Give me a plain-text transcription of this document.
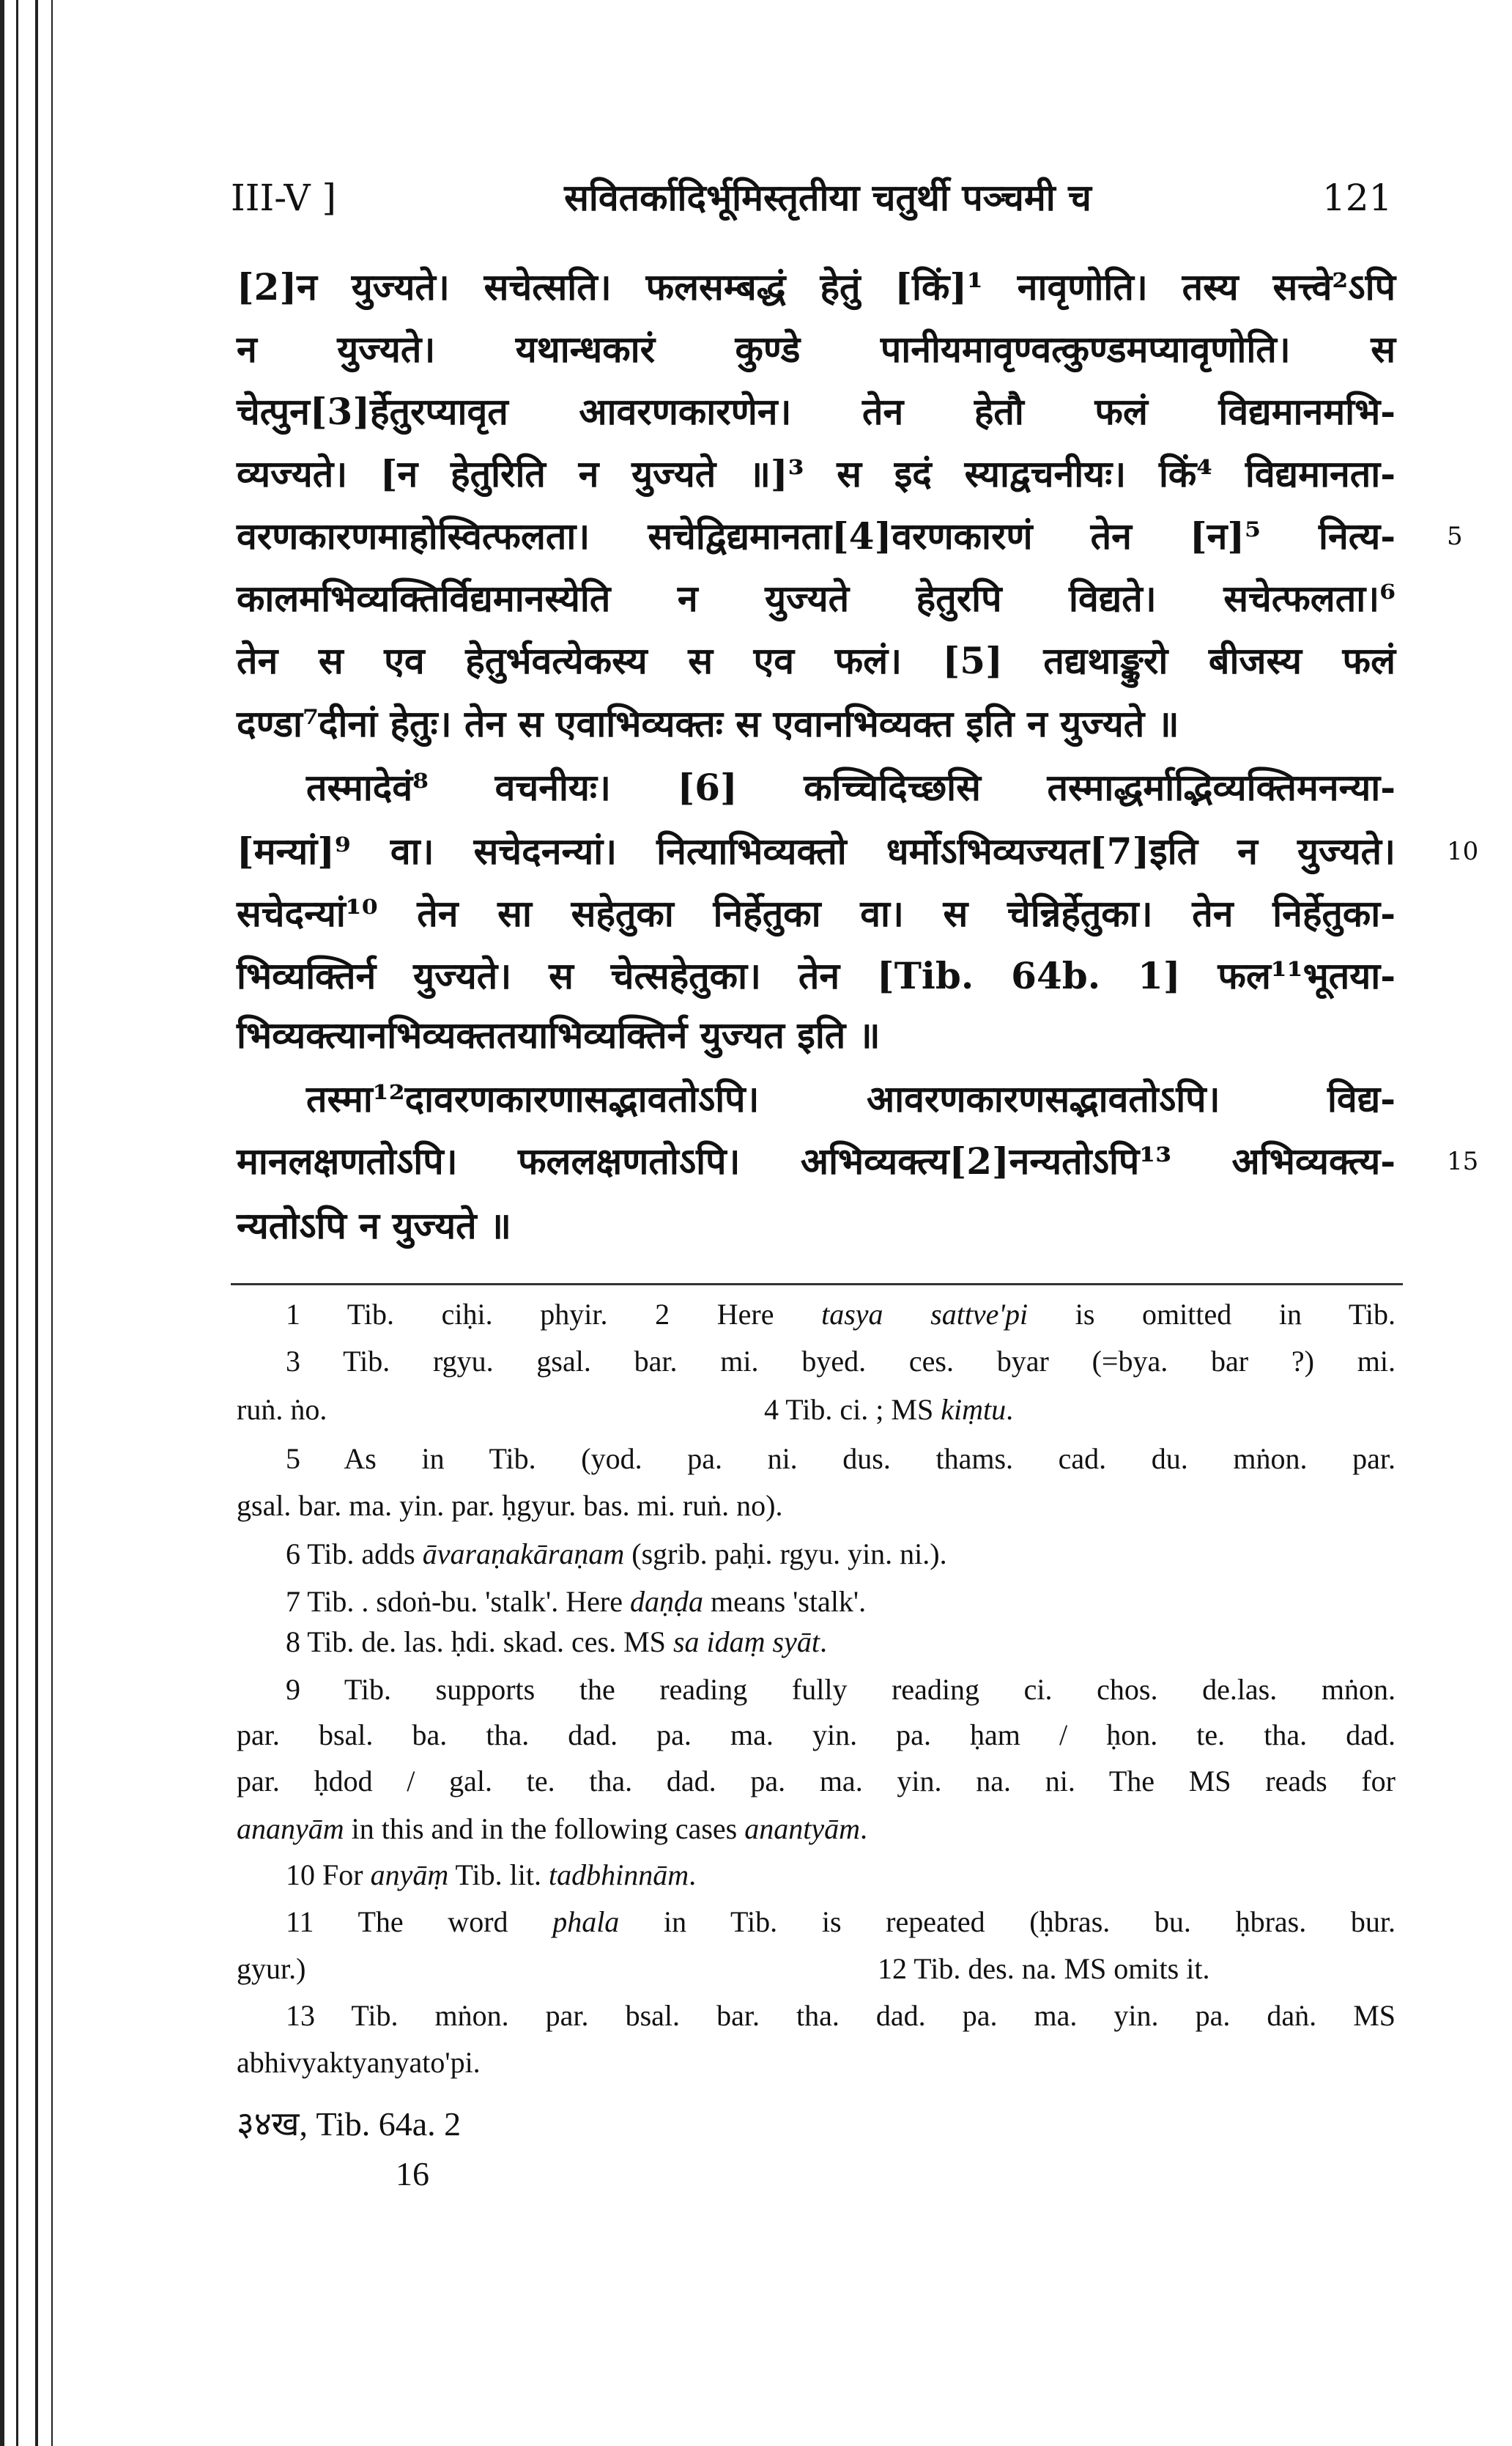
III-V ]	सवितर्कादिर्भूमिस्तृतीया चतुर्थी पञ्चमी च	121
[2]न युज्यते। सचेत्सति। फलसम्बद्धं हेतुं [किं]¹ नावृणोति। तस्य सत्त्वे²ऽपि
न युज्यते। यथान्धकारं कुण्डे पानीयमावृण्वत्कुण्डमप्यावृणोति। स
चेत्पुन[3]र्हेतुरप्यावृत आवरणकारणेन। तेन हेतौ फलं विद्यमानमभि-
व्यज्यते। [न हेतुरिति न युज्यते ॥]³ स इदं स्याद्वचनीयः। किं⁴ विद्यमानता-
वरणकारणमाहोस्वित्फलता। सचेद्विद्यमानता[4]वरणकारणं तेन [न]⁵ नित्य-
कालमभिव्यक्तिर्विद्यमानस्येति न युज्यते हेतुरपि विद्यते। सचेत्फलता।⁶
तेन स एव हेतुर्भवत्येकस्य स एव फलं। [5] तद्यथाङ्कुरो बीजस्य फलं
दण्डा⁷दीनां हेतुः। तेन स एवाभिव्यक्तः स एवानभिव्यक्त इति न युज्यते ॥
तस्मादेवं⁸ वचनीयः। [6] कच्चिदिच्छसि तस्माद्धर्माद्भिव्यक्तिमनन्या-
[मन्यां]⁹ वा। सचेदनन्यां। नित्याभिव्यक्तो धर्मोऽभिव्यज्यत[7]इति न युज्यते।
सचेदन्यां¹⁰ तेन सा सहेतुका निर्हेतुका वा। स चेन्निर्हेतुका। तेन निर्हेतुका-
भिव्यक्तिर्न युज्यते। स चेत्सहेतुका। तेन [Tib. 64b. 1] फल¹¹भूतया-
भिव्यक्त्यानभिव्यक्ततयाभिव्यक्तिर्न युज्यत इति ॥
तस्मा¹²दावरणकारणासद्भावतोऽपि। आवरणकारणसद्भावतोऽपि। विद्य-
मानलक्षणतोऽपि। फललक्षणतोऽपि। अभिव्यक्त्य[2]नन्यतोऽपि¹³ अभिव्यक्त्य-
न्यतोऽपि न युज्यते ॥
5
10
15
1 Tib. ciḥi. phyir. 2 Here tasya sattve'pi is omitted in Tib.
3 Tib. rgyu. gsal. bar. mi. byed. ces. byar (=bya. bar ?) mi.
ruṅ. ṅo.	4 Tib. ci. ; MS kiṃtu.
5 As in Tib. (yod. pa. ni. dus. thams. cad. du. mṅon. par.
gsal. bar. ma. yin. par. ḥgyur. bas. mi. ruṅ. no).
6 Tib. adds āvaraṇakāraṇam (sgrib. paḥi. rgyu. yin. ni.).
7 Tib. . sdoṅ-bu. 'stalk'. Here daṇḍa means 'stalk'.
8 Tib. de. las. ḥdi. skad. ces. MS sa idaṃ syāt.
9 Tib. supports the reading fully reading ci. chos. de.las. mṅon.
par. bsal. ba. tha. dad. pa. ma. yin. pa. ḥam / ḥon. te. tha. dad.
par. ḥdod / gal. te. tha. dad. pa. ma. yin. na. ni. The MS reads for
ananyām in this and in the following cases anantyām.
10 For anyāṃ Tib. lit. tadbhinnām.
11 The word phala in Tib. is repeated (ḥbras. bu. ḥbras. bur.
gyur.)	12 Tib. des. na. MS omits it.
13 Tib. mṅon. par. bsal. bar. tha. dad. pa. ma. yin. pa. daṅ. MS
abhivyaktyanyato'pi.
३४ख, Tib. 64a. 2
16
